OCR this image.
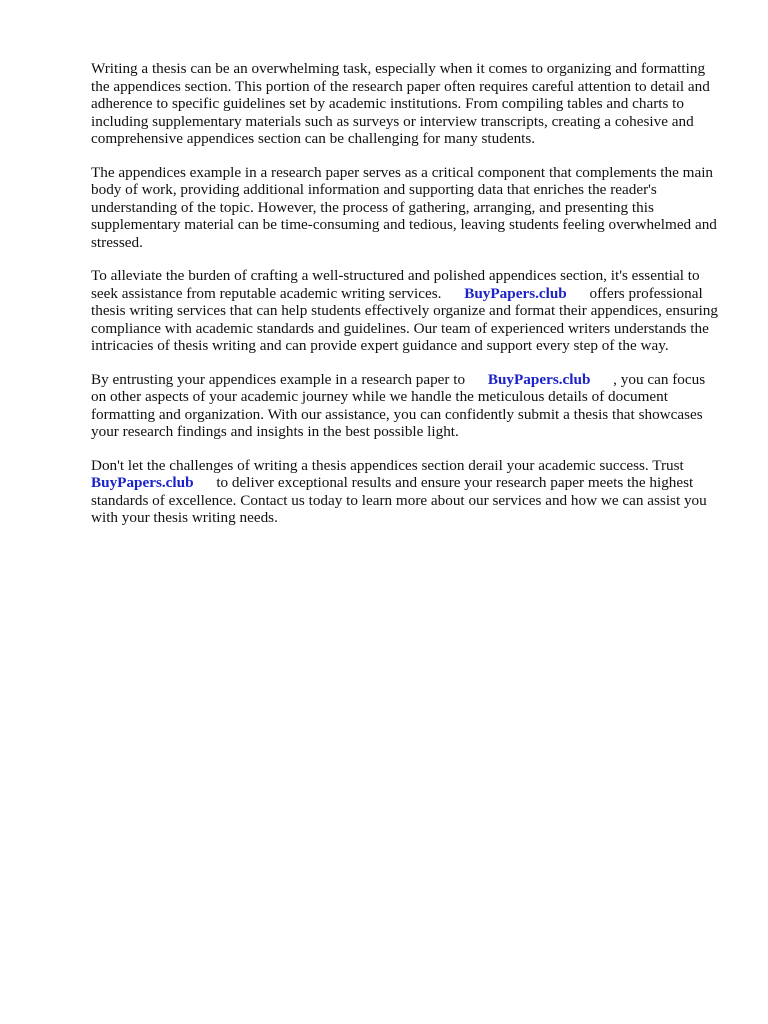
Writing a thesis can be an overwhelming task, especially when it comes to organizing and formatting the appendices section. This portion of the research paper often requires careful attention to detail and adherence to specific guidelines set by academic institutions. From compiling tables and charts to including supplementary materials such as surveys or interview transcripts, creating a cohesive and comprehensive appendices section can be challenging for many students.

The appendices example in a research paper serves as a critical component that complements the main body of work, providing additional information and supporting data that enriches the reader's understanding of the topic. However, the process of gathering, arranging, and presenting this supplementary material can be time-consuming and tedious, leaving students feeling overwhelmed and stressed.

To alleviate the burden of crafting a well-structured and polished appendices section, it's essential to seek assistance from reputable academic writing services. BuyPapers.club offers professional thesis writing services that can help students effectively organize and format their appendices, ensuring compliance with academic standards and guidelines. Our team of experienced writers understands the intricacies of thesis writing and can provide expert guidance and support every step of the way.

By entrusting your appendices example in a research paper to BuyPapers.club , you can focus on other aspects of your academic journey while we handle the meticulous details of document formatting and organization. With our assistance, you can confidently submit a thesis that showcases your research findings and insights in the best possible light.

Don't let the challenges of writing a thesis appendices section derail your academic success. Trust BuyPapers.club to deliver exceptional results and ensure your research paper meets the highest standards of excellence. Contact us today to learn more about our services and how we can assist you with your thesis writing needs.
